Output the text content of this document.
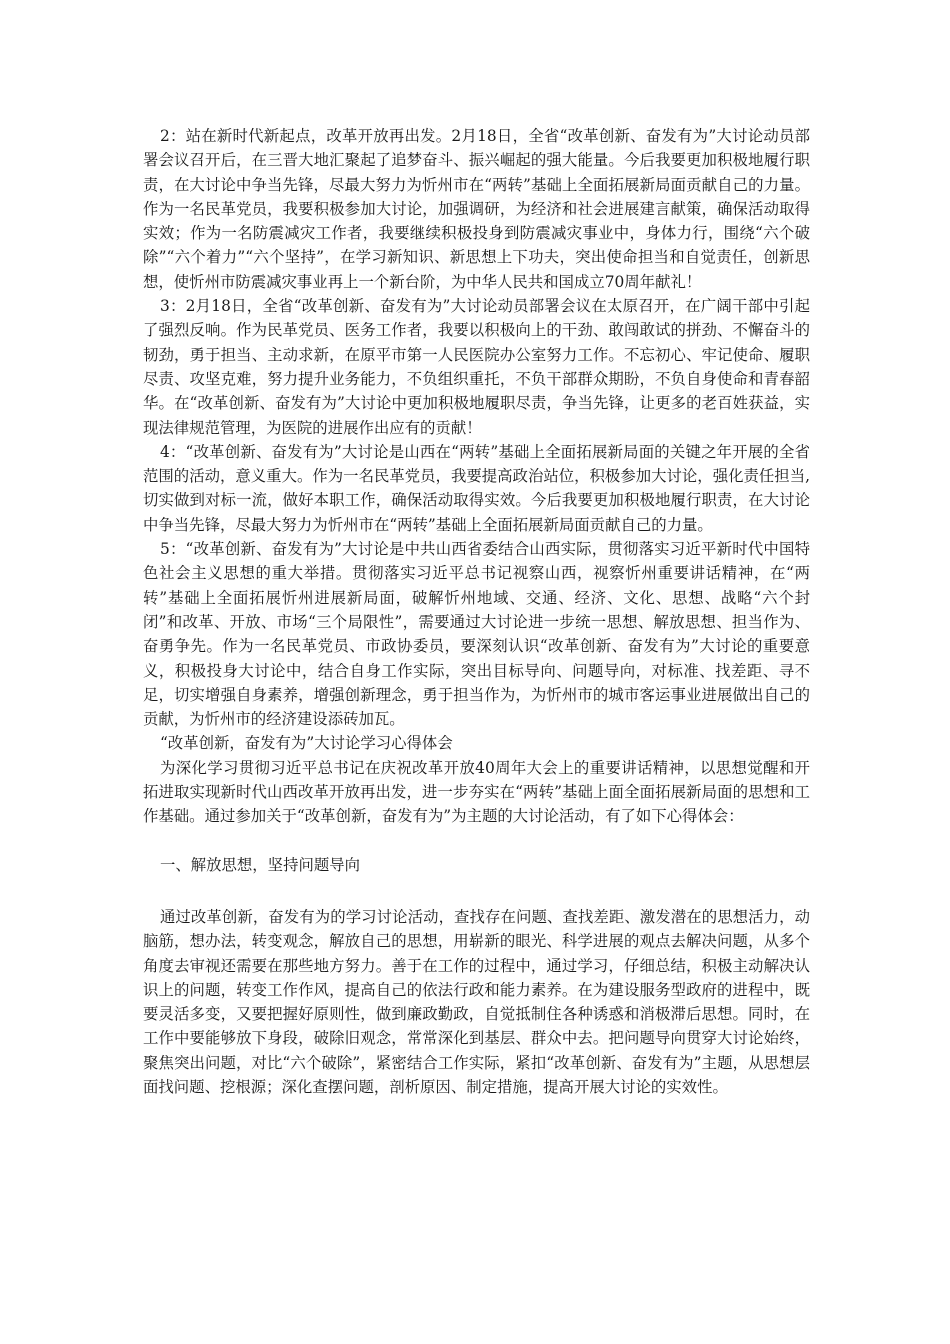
2：站在新时代新起点，改革开放再出发。2月18日，全省“改革创新、奋发有为”大讨论动员部署会议召开后，在三晋大地汇聚起了追梦奋斗、振兴崛起的强大能量。今后我要更加积极地履行职责，在大讨论中争当先锋，尽最大努力为忻州市在“两转”基础上全面拓展新局面贡献自己的力量。作为一名民革党员，我要积极参加大讨论，加强调研，为经济和社会进展建言献策，确保活动取得实效；作为一名防震减灾工作者，我要继续积极投身到防震减灾事业中，身体力行，围绕“六个破除”“六个着力”“六个坚持”，在学习新知识、新思想上下功夫，突出使命担当和自觉责任，创新思想，使忻州市防震减灾事业再上一个新台阶，为中华人民共和国成立70周年献礼！

3：2月18日，全省“改革创新、奋发有为”大讨论动员部署会议在太原召开，在广阔干部中引起了强烈反响。作为民革党员、医务工作者，我要以积极向上的干劲、敢闯敢试的拼劲、不懈奋斗的韧劲，勇于担当、主动求新，在原平市第一人民医院办公室努力工作。不忘初心、牢记使命、履职尽责、攻坚克难，努力提升业务能力，不负组织重托，不负干部群众期盼，不负自身使命和青春韶华。在“改革创新、奋发有为”大讨论中更加积极地履职尽责，争当先锋，让更多的老百姓获益，实现法律规范管理，为医院的进展作出应有的贡献！

4：“改革创新、奋发有为”大讨论是山西在“两转”基础上全面拓展新局面的关键之年开展的全省范围的活动，意义重大。作为一名民革党员，我要提高政治站位，积极参加大讨论，强化责任担当,切实做到对标一流，做好本职工作，确保活动取得实效。今后我要更加积极地履行职责，在大讨论中争当先锋，尽最大努力为忻州市在“两转”基础上全面拓展新局面贡献自己的力量。

5：“改革创新、奋发有为”大讨论是中共山西省委结合山西实际，贯彻落实习近平新时代中国特色社会主义思想的重大举措。贯彻落实习近平总书记视察山西，视察忻州重要讲话精神，在“两转”基础上全面拓展忻州进展新局面，破解忻州地域、交通、经济、文化、思想、战略“六个封闭”和改革、开放、市场“三个局限性”，需要通过大讨论进一步统一思想、解放思想、担当作为、奋勇争先。作为一名民革党员、市政协委员，要深刻认识“改革创新、奋发有为”大讨论的重要意义，积极投身大讨论中，结合自身工作实际，突出目标导向、问题导向，对标准、找差距、寻不足，切实增强自身素养，增强创新理念，勇于担当作为，为忻州市的城市客运事业进展做出自己的贡献，为忻州市的经济建设添砖加瓦。

“改革创新，奋发有为”大讨论学习心得体会

为深化学习贯彻习近平总书记在庆祝改革开放40周年大会上的重要讲话精神，以思想觉醒和开拓进取实现新时代山西改革开放再出发，进一步夯实在“两转”基础上面全面拓展新局面的思想和工作基础。通过参加关于“改革创新，奋发有为”为主题的大讨论活动，有了如下心得体会：

一、解放思想，坚持问题导向

通过改革创新，奋发有为的学习讨论活动，查找存在问题、查找差距、激发潜在的思想活力，动脑筋，想办法，转变观念，解放自己的思想，用崭新的眼光、科学进展的观点去解决问题，从多个角度去审视还需要在那些地方努力。善于在工作的过程中，通过学习，仔细总结，积极主动解决认识上的问题，转变工作作风，提高自己的依法行政和能力素养。在为建设服务型政府的进程中，既要灵活多变，又要把握好原则性，做到廉政勤政，自觉抵制住各种诱惑和消极滞后思想。同时，在工作中要能够放下身段，破除旧观念，常常深化到基层、群众中去。把问题导向贯穿大讨论始终，聚焦突出问题，对比“六个破除”，紧密结合工作实际，紧扣“改革创新、奋发有为”主题，从思想层面找问题、挖根源；深化查摆问题，剖析原因、制定措施，提高开展大讨论的实效性。
